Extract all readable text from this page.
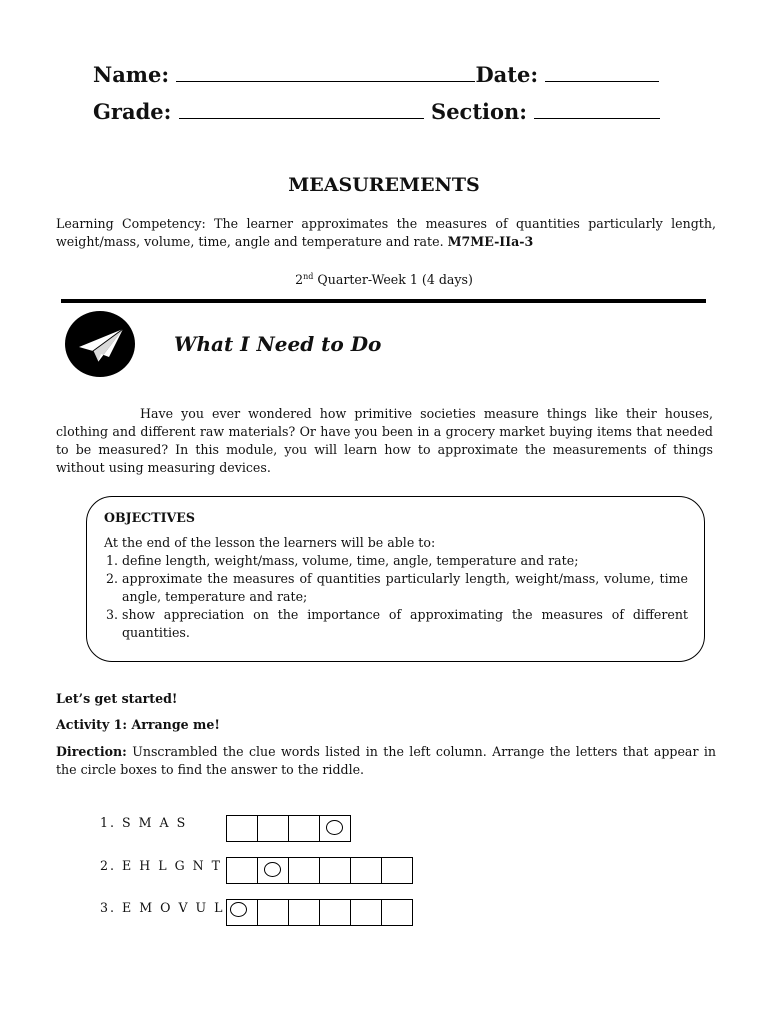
Name:	Date:
Grade:	Section:
MEASUREMENTS
Learning Competency: The learner approximates the measures of quantities particularly length, weight/mass, volume, time, angle and temperature and rate. M7ME-IIa-3
2nd Quarter-Week 1 (4 days)
What I Need to Do
Have you ever wondered how primitive societies measure things like their houses, clothing and different raw materials? Or have you been in a grocery market buying items that needed to be measured? In this module, you will learn how to approximate the measurements of things without using measuring devices.
OBJECTIVES
At the end of the lesson the learners will be able to:
1. define length, weight/mass, volume, time, angle, temperature and rate;
2. approximate the measures of quantities particularly length, weight/mass, volume, time angle, temperature and rate;
3. show appreciation on the importance of approximating the measures of different quantities.
Let’s get started!
Activity 1: Arrange me!
Direction: Unscrambled the clue words listed in the left column. Arrange the letters that appear in the circle boxes to find the answer to the riddle.
1. S M A S
2. E H L G N T
3. E M O V U L
